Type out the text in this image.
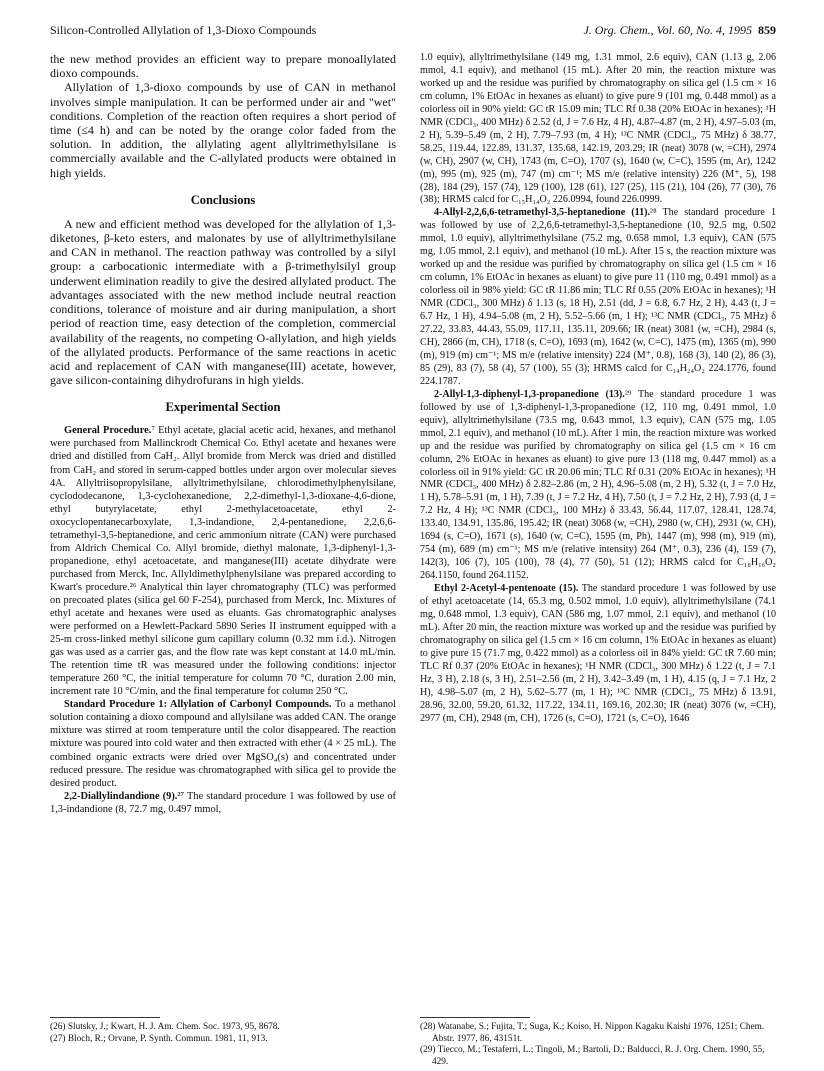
Silicon-Controlled Allylation of 1,3-Dioxo Compounds	J. Org. Chem., Vol. 60, No. 4, 1995 859

the new method provides an efficient way to prepare monoallylated dioxo compounds.

Allylation of 1,3-dioxo compounds by use of CAN in methanol involves simple manipulation. It can be performed under air and "wet" conditions. Completion of the reaction often requires a short period of time (≤4 h) and can be noted by the orange color faded from the solution. In addition, the allylating agent allyltrimethylsilane is commercially available and the C-allylated products were obtained in high yields.

Conclusions

A new and efficient method was developed for the allylation of 1,3-diketones, β-keto esters, and malonates by use of allyltrimethylsilane and CAN in methanol. The reaction pathway was controlled by a silyl group: a carbocationic intermediate with a β-trimethylsilyl group underwent elimination readily to give the desired allylated product. The advantages associated with the new method include neutral reaction conditions, tolerance of moisture and air during manipulation, a short period of reaction time, easy detection of the completion, commercial availability of the reagents, no competing O-allylation, and high yields of the allylated products. Performance of the same reactions in acetic acid and replacement of CAN with manganese(III) acetate, however, gave silicon-containing dihydrofurans in high yields.

Experimental Section

General Procedure.⁷ Ethyl acetate, glacial acetic acid, hexanes, and methanol were purchased from Mallinckrodt Chemical Co. Ethyl acetate and hexanes were dried and distilled from CaH₂. Allyl bromide from Merck was dried and distilled from CaH₂ and stored in serum-capped bottles under argon over molecular sieves 4A. Allyltriisopropylsilane, allyltrimethylsilane, chlorodimethylphenylsilane, cyclododecanone, 1,3-cyclohexanedione, 2,2-dimethyl-1,3-dioxane-4,6-dione, ethyl butyrylacetate, ethyl 2-methylacetoacetate, ethyl 2-oxocyclopentanecarboxylate, 1,3-indandione, 2,4-pentanedione, 2,2,6,6-tetramethyl-3,5-heptanedione, and ceric ammonium nitrate (CAN) were purchased from Aldrich Chemical Co. Allyl bromide, diethyl malonate, 1,3-diphenyl-1,3-propanedione, ethyl acetoacetate, and manganese(III) acetate dihydrate were purchased from Merck, Inc. Allyldimethylphenylsilane was prepared according to Kwart's procedure.²⁶ Analytical thin layer chromatography (TLC) was performed on precoated plates (silica gel 60 F-254), purchased from Merck, Inc. Mixtures of ethyl acetate and hexanes were used as eluants. Gas chromatographic analyses were performed on a Hewlett-Packard 5890 Series II instrument equipped with a 25-m cross-linked methyl silicone gum capillary column (0.32 mm i.d.). Nitrogen gas was used as a carrier gas, and the flow rate was kept constant at 14.0 mL/min. The retention time tR was measured under the following conditions: injector temperature 260 °C, the initial temperature for column 70 °C, duration 2.00 min, increment rate 10 °C/min, and the final temperature for column 250 °C.

Standard Procedure 1: Allylation of Carbonyl Compounds. To a methanol solution containing a dioxo compound and allylsilane was added CAN. The orange mixture was stirred at room temperature until the color disappeared. The reaction mixture was poured into cold water and then extracted with ether (4 × 25 mL). The combined organic extracts were dried over MgSO₄(s) and concentrated under reduced pressure. The residue was chromatographed with silica gel to provide the desired product.

2,2-Diallylindandione (9).²⁷ The standard procedure 1 was followed by use of 1,3-indandione (8, 72.7 mg, 0.497 mmol,

1.0 equiv), allyltrimethylsilane (149 mg, 1.31 mmol, 2.6 equiv), CAN (1.13 g, 2.06 mmol, 4.1 equiv), and methanol (15 mL). After 20 min, the reaction mixture was worked up and the residue was purified by chromatography on silica gel (1.5 cm × 16 cm column, 1% EtOAc in hexanes as eluant) to give pure 9 (101 mg, 0.448 mmol) as a colorless oil in 90% yield: GC tR 15.09 min; TLC Rf 0.38 (20% EtOAc in hexanes); ¹H NMR (CDCl₃, 400 MHz) δ 2.52 (d, J = 7.6 Hz, 4 H), 4.87–4.87 (m, 2 H), 4.97–5.03 (m, 2 H), 5.39–5.49 (m, 2 H), 7.79–7.93 (m, 4 H); ¹³C NMR (CDCl₃, 75 MHz) δ 38.77, 58.25, 119.44, 122.89, 131.37, 135.68, 142.19, 203.29; IR (neat) 3078 (w, =CH), 2974 (w, CH), 2907 (w, CH), 1743 (m, C=O), 1707 (s), 1640 (w, C=C), 1595 (m, Ar), 1242 (m), 995 (m), 925 (m), 747 (m) cm⁻¹; MS m/e (relative intensity) 226 (M⁺, 5), 198 (28), 184 (29), 157 (74), 129 (100), 128 (61), 127 (25), 115 (21), 104 (26), 77 (30), 76 (38); HRMS calcd for C₁₅H₁₄O₂ 226.0994, found 226.0999.

4-Allyl-2,2,6,6-tetramethyl-3,5-heptanedione (11).²⁸ The standard procedure 1 was followed by use of 2,2,6,6-tetramethyl-3,5-heptanedione (10, 92.5 mg, 0.502 mmol, 1.0 equiv), allyltrimethylsilane (75.2 mg, 0.658 mmol, 1.3 equiv), CAN (575 mg, 1.05 mmol, 2.1 equiv), and methanol (10 mL). After 15 s, the reaction mixture was worked up and the residue was purified by chromatography on silica gel (1.5 cm × 16 cm column, 1% EtOAc in hexanes as eluant) to give pure 11 (110 mg, 0.491 mmol) as a colorless oil in 98% yield: GC tR 11.86 min; TLC Rf 0.55 (20% EtOAc in hexanes); ¹H NMR (CDCl₃, 300 MHz) δ 1.13 (s, 18 H), 2.51 (dd, J = 6.8, 6.7 Hz, 2 H), 4.43 (t, J = 6.7 Hz, 1 H), 4.94–5.08 (m, 2 H), 5.52–5.66 (m, 1 H); ¹³C NMR (CDCl₃, 75 MHz) δ 27.22, 33.83, 44.43, 55.09, 117.11, 135.11, 209.66; IR (neat) 3081 (w, =CH), 2984 (s, CH), 2866 (m, CH), 1718 (s, C=O), 1693 (m), 1642 (w, C=C), 1475 (m), 1365 (m), 990 (m), 919 (m) cm⁻¹; MS m/e (relative intensity) 224 (M⁺, 0.8), 168 (3), 140 (2), 86 (3), 85 (29), 83 (7), 58 (4), 57 (100), 55 (3); HRMS calcd for C₁₄H₂₄O₂ 224.1776, found 224.1787.

2-Allyl-1,3-diphenyl-1,3-propanedione (13).²⁹ The standard procedure 1 was followed by use of 1,3-diphenyl-1,3-propanedione (12, 110 mg, 0.491 mmol, 1.0 equiv), allyltrimethylsilane (73.5 mg, 0.643 mmol, 1.3 equiv), CAN (575 mg, 1.05 mmol, 2.1 equiv), and methanol (10 mL). After 1 min, the reaction mixture was worked up and the residue was purified by chromatography on silica gel (1.5 cm × 16 cm column, 2% EtOAc in hexanes as eluant) to give pure 13 (118 mg, 0.447 mmol) as a colorless oil in 91% yield: GC tR 20.06 min; TLC Rf 0.31 (20% EtOAc in hexanes); ¹H NMR (CDCl₃, 400 MHz) δ 2.82–2.86 (m, 2 H), 4.96–5.08 (m, 2 H), 5.32 (t, J = 7.0 Hz, 1 H), 5.78–5.91 (m, 1 H), 7.39 (t, J = 7.2 Hz, 4 H), 7.50 (t, J = 7.2 Hz, 2 H), 7.93 (d, J = 7.2 Hz, 4 H); ¹³C NMR (CDCl₃, 100 MHz) δ 33.43, 56.44, 117.07, 128.41, 128.74, 133.40, 134.91, 135.86, 195.42; IR (neat) 3068 (w, =CH), 2980 (w, CH), 2931 (w, CH), 1694 (s, C=O), 1671 (s), 1640 (w, C=C), 1595 (m, Ph), 1447 (m), 998 (m), 919 (m), 754 (m), 689 (m) cm⁻¹; MS m/e (relative intensity) 264 (M⁺, 0.3), 236 (4), 159 (7), 142(3), 106 (7), 105 (100), 78 (4), 77 (50), 51 (12); HRMS calcd for C₁₈H₁₆O₂ 264.1150, found 264.1152.

Ethyl 2-Acetyl-4-pentenoate (15). The standard procedure 1 was followed by use of ethyl acetoacetate (14, 65.3 mg, 0.502 mmol, 1.0 equiv), allyltrimethylsilane (74.1 mg, 0.648 mmol, 1.3 equiv), CAN (586 mg, 1.07 mmol, 2.1 equiv), and methanol (10 mL). After 20 min, the reaction mixture was worked up and the residue was purified by chromatography on silica gel (1.5 cm × 16 cm column, 1% EtOAc in hexanes as eluant) to give pure 15 (71.7 mg, 0.422 mmol) as a colorless oil in 84% yield: GC tR 7.60 min; TLC Rf 0.37 (20% EtOAc in hexanes); ¹H NMR (CDCl₃, 300 MHz) δ 1.22 (t, J = 7.1 Hz, 3 H), 2.18 (s, 3 H), 2.51–2.56 (m, 2 H), 3.42–3.49 (m, 1 H), 4.15 (q, J = 7.1 Hz, 2 H), 4.98–5.07 (m, 2 H), 5.62–5.77 (m, 1 H); ¹³C NMR (CDCl₃, 75 MHz) δ 13.91, 28.96, 32.00, 59.20, 61.32, 117.22, 134.11, 169.16, 202.30; IR (neat) 3076 (w, =CH), 2977 (m, CH), 2948 (m, CH), 1726 (s, C=O), 1721 (s, C=O), 1646

(26) Slutsky, J.; Kwart, H. J. Am. Chem. Soc. 1973, 95, 8678.
(27) Bloch, R.; Orvane, P. Synth. Commun. 1981, 11, 913.
(28) Watanabe, S.; Fujita, T.; Suga, K.; Koiso, H. Nippon Kagaku Kaishi 1976, 1251; Chem. Abstr. 1977, 86, 43151t.
(29) Tiecco, M.; Testaferri, L.; Tingoli, M.; Bartoli, D.; Balducci, R. J. Org. Chem. 1990, 55, 429.
